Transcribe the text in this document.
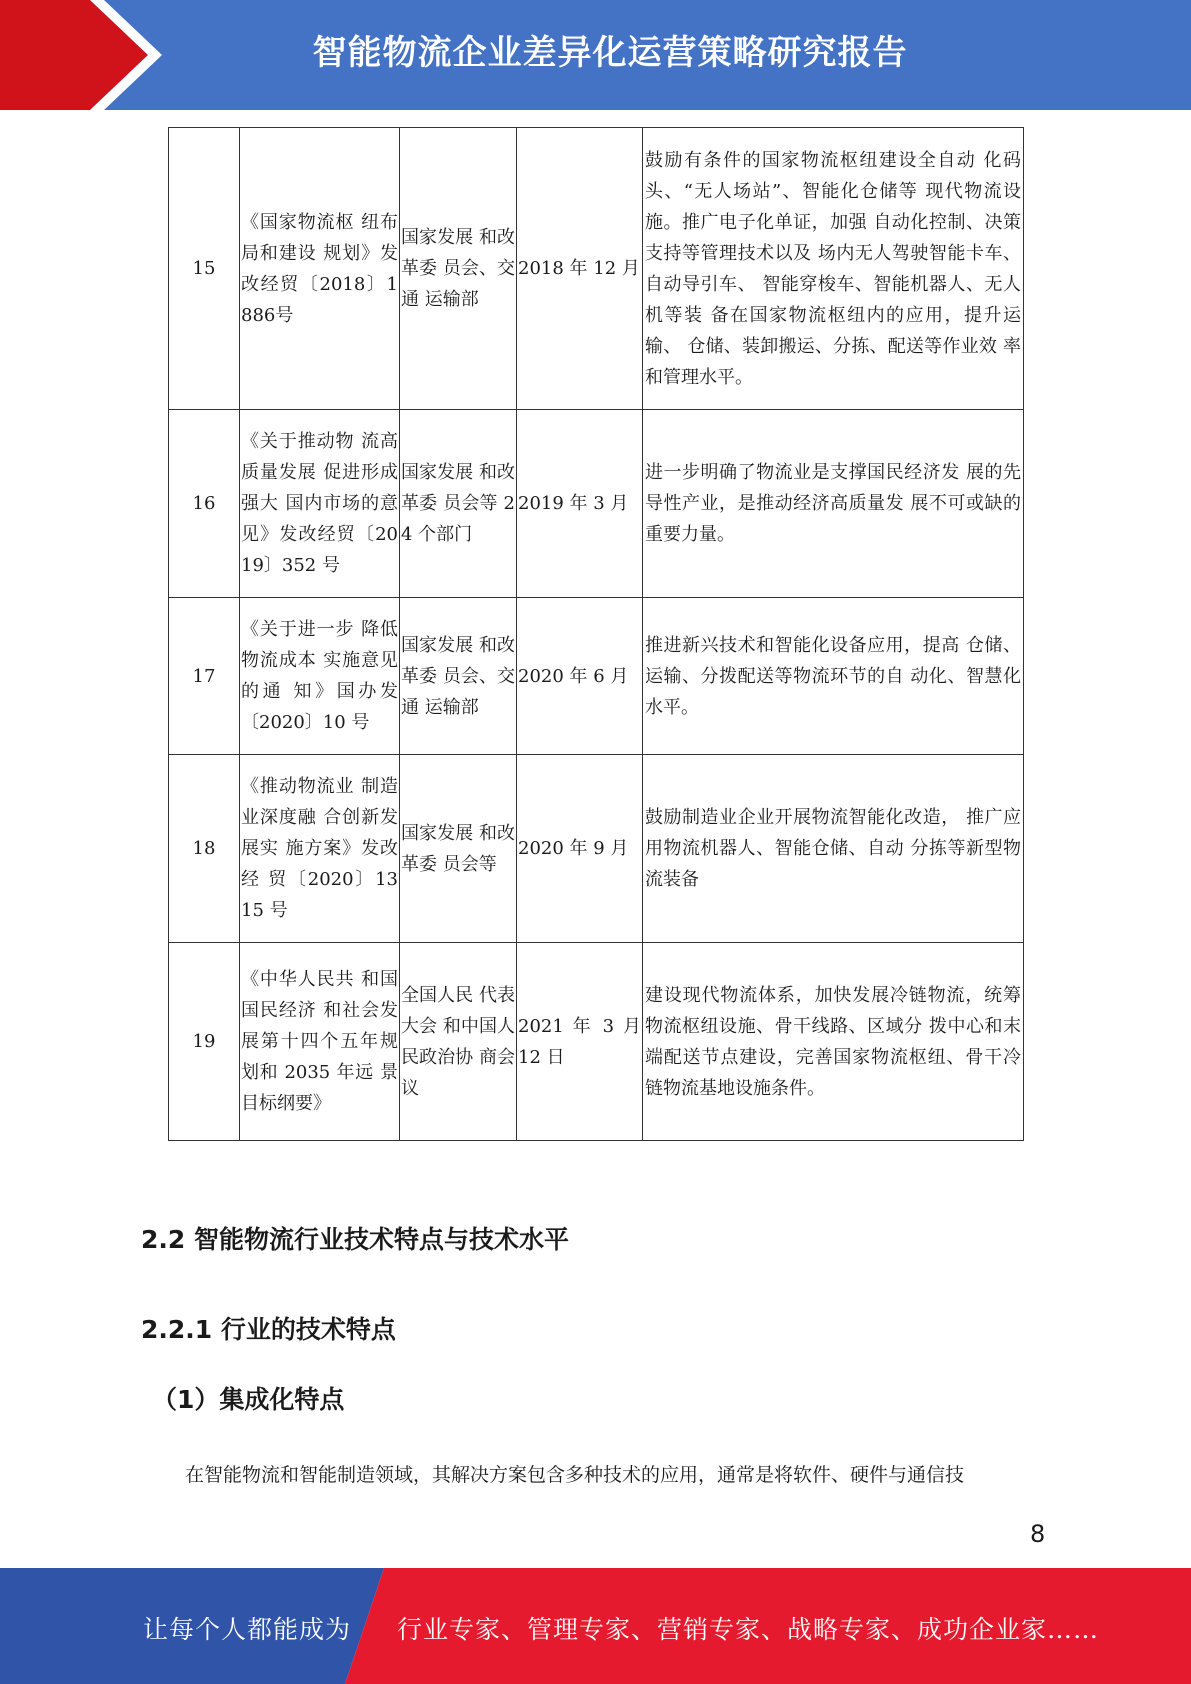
智能物流企业差异化运营策略研究报告
15	《国家物流枢 纽布局和建设 规划》发改经贸〔2018〕1886号	国家发展 和改革委 员会、交通 运输部	2018 年 12 月	鼓励有条件的国家物流枢纽建设全自动 化码头、“无人场站”、智能化仓储等 现代物流设施。推广电子化单证，加强 自动化控制、决策支持等管理技术以及 场内无人驾驶智能卡车、自动导引车、 智能穿梭车、智能机器人、无人机等装 备在国家物流枢纽内的应用，提升运输、 仓储、装卸搬运、分拣、配送等作业效 率和管理水平。
16	《关于推动物 流高质量发展 促进形成强大 国内市场的意 见》发改经贸〔2019〕352 号	国家发展 和改革委 员会等 24 个部门	2019 年 3 月	进一步明确了物流业是支撑国民经济发 展的先导性产业，是推动经济高质量发 展不可或缺的重要力量。
17	《关于进一步 降低物流成本 实施意见的通 知》国办发〔2020〕10 号	国家发展 和改革委 员会、交通 运输部	2020 年 6 月	推进新兴技术和智能化设备应用，提高 仓储、运输、分拨配送等物流环节的自 动化、智慧化水平。
18	《推动物流业 制造业深度融 合创新发展实 施方案》发改经 贸〔2020〕1315 号	国家发展 和改革委 员会等	2020 年 9 月	鼓励制造业企业开展物流智能化改造， 推广应用物流机器人、智能仓储、自动 分拣等新型物流装备
19	《中华人民共 和国国民经济 和社会发展第十四个五年规 划和 2035 年远 景目标纲要》	全国人民 代表大会 和中国人民政治协 商会议	2021 年 3 月 12 日	建设现代物流体系，加快发展冷链物流，统筹物流枢纽设施、骨干线路、区域分 拨中心和末端配送节点建设，完善国家物流枢纽、骨干冷链物流基地设施条件。
2.2 智能物流行业技术特点与技术水平
2.2.1 行业的技术特点
（1）集成化特点
在智能物流和智能制造领域，其解决方案包含多种技术的应用，通常是将软件、硬件与通信技
8
让每个人都能成为 行业专家、管理专家、营销专家、战略专家、成功企业家……
